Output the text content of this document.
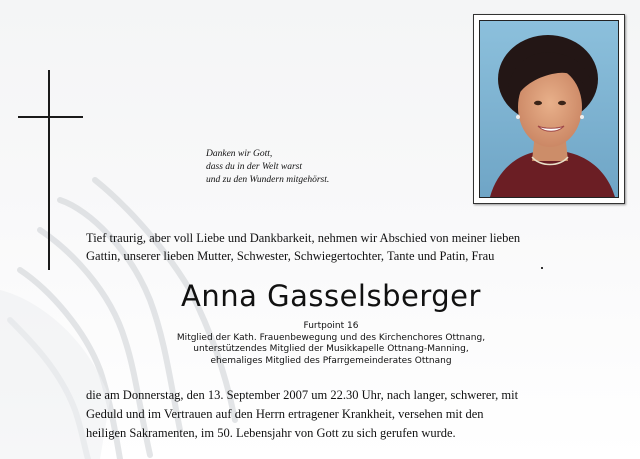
Danken wir Gott,
dass du in der Welt warst
und zu den Wundern mitgehörst.
Tief traurig, aber voll Liebe und Dankbarkeit, nehmen wir Abschied von meiner lieben
Gattin, unserer lieben Mutter, Schwester, Schwiegertochter, Tante und Patin, Frau
Anna Gasselsberger
Furtpoint 16
Mitglied der Kath. Frauenbewegung und des Kirchenchores Ottnang,
unterstützendes Mitglied der Musikkapelle Ottnang-Manning,
ehemaliges Mitglied des Pfarrgemeinderates Ottnang
die am Donnerstag, den 13. September 2007 um 22.30 Uhr, nach langer, schwerer, mit
Geduld und im Vertrauen auf den Herrn ertragener Krankheit, versehen mit den
heiligen Sakramenten, im 50. Lebensjahr von Gott zu sich gerufen wurde.
